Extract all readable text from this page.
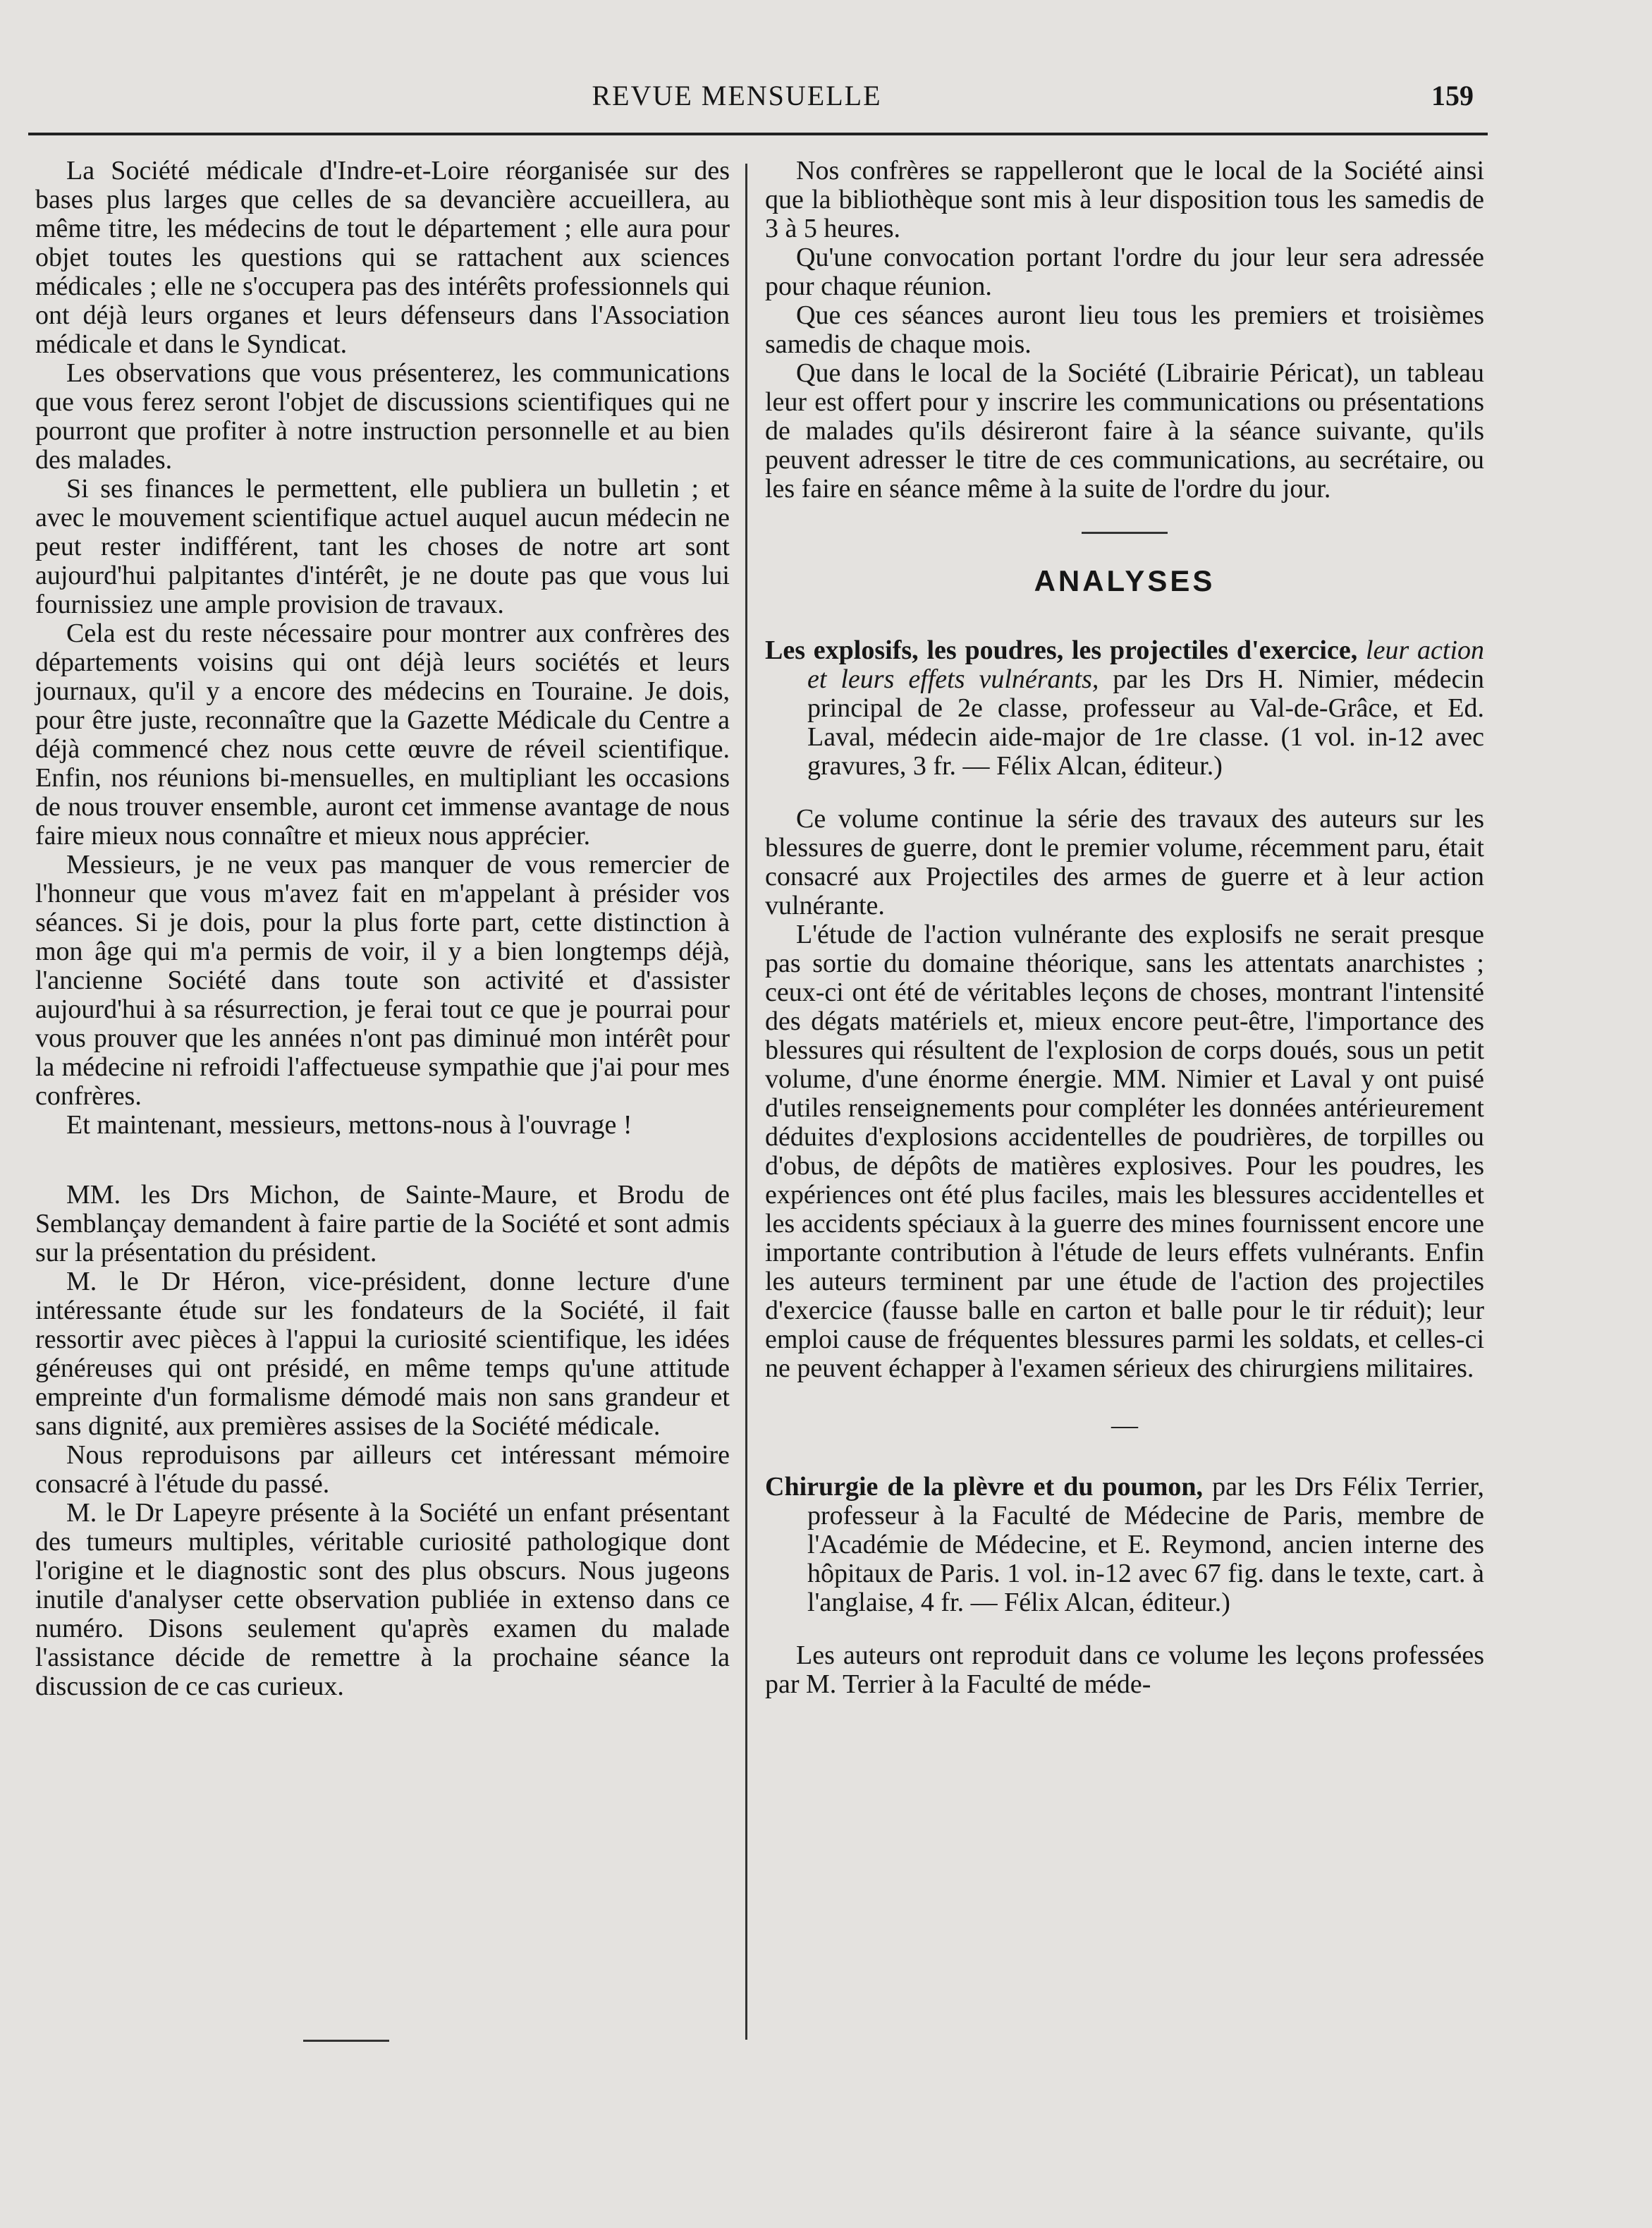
REVUE MENSUELLE	159

La Société médicale d'Indre-et-Loire réorganisée sur des bases plus larges que celles de sa devancière accueillera, au même titre, les médecins de tout le département ; elle aura pour objet toutes les questions qui se rattachent aux sciences médicales ; elle ne s'occupera pas des intérêts professionnels qui ont déjà leurs organes et leurs défenseurs dans l'Association médicale et dans le Syndicat.

Les observations que vous présenterez, les communications que vous ferez seront l'objet de discussions scientifiques qui ne pourront que profiter à notre instruction personnelle et au bien des malades.

Si ses finances le permettent, elle publiera un bulletin ; et avec le mouvement scientifique actuel auquel aucun médecin ne peut rester indifférent, tant les choses de notre art sont aujourd'hui palpitantes d'intérêt, je ne doute pas que vous lui fournissiez une ample provision de travaux.

Cela est du reste nécessaire pour montrer aux confrères des départements voisins qui ont déjà leurs sociétés et leurs journaux, qu'il y a encore des médecins en Touraine. Je dois, pour être juste, reconnaître que la Gazette Médicale du Centre a déjà commencé chez nous cette œuvre de réveil scientifique. Enfin, nos réunions bi-mensuelles, en multipliant les occasions de nous trouver ensemble, auront cet immense avantage de nous faire mieux nous connaître et mieux nous apprécier.

Messieurs, je ne veux pas manquer de vous remercier de l'honneur que vous m'avez fait en m'appelant à présider vos séances. Si je dois, pour la plus forte part, cette distinction à mon âge qui m'a permis de voir, il y a bien longtemps déjà, l'ancienne Société dans toute son activité et d'assister aujourd'hui à sa résurrection, je ferai tout ce que je pourrai pour vous prouver que les années n'ont pas diminué mon intérêt pour la médecine ni refroidi l'affectueuse sympathie que j'ai pour mes confrères.

Et maintenant, messieurs, mettons-nous à l'ouvrage !

MM. les Drs Michon, de Sainte-Maure, et Brodu de Semblançay demandent à faire partie de la Société et sont admis sur la présentation du président.

M. le Dr Héron, vice-président, donne lecture d'une intéressante étude sur les fondateurs de la Société, il fait ressortir avec pièces à l'appui la curiosité scientifique, les idées généreuses qui ont présidé, en même temps qu'une attitude empreinte d'un formalisme démodé mais non sans grandeur et sans dignité, aux premières assises de la Société médicale.

Nous reproduisons par ailleurs cet intéressant mémoire consacré à l'étude du passé.

M. le Dr Lapeyre présente à la Société un enfant présentant des tumeurs multiples, véritable curiosité pathologique dont l'origine et le diagnostic sont des plus obscurs. Nous jugeons inutile d'analyser cette observation publiée in extenso dans ce numéro. Disons seulement qu'après examen du malade l'assistance décide de remettre à la prochaine séance la discussion de ce cas curieux.

Nos confrères se rappelleront que le local de la Société ainsi que la bibliothèque sont mis à leur disposition tous les samedis de 3 à 5 heures.

Qu'une convocation portant l'ordre du jour leur sera adressée pour chaque réunion.

Que ces séances auront lieu tous les premiers et troisièmes samedis de chaque mois.

Que dans le local de la Société (Librairie Péricat), un tableau leur est offert pour y inscrire les communications ou présentations de malades qu'ils désireront faire à la séance suivante, qu'ils peuvent adresser le titre de ces communications, au secrétaire, ou les faire en séance même à la suite de l'ordre du jour.

ANALYSES

Les explosifs, les poudres, les projectiles d'exercice, leur action et leurs effets vulnérants, par les Drs H. Nimier, médecin principal de 2e classe, professeur au Val-de-Grâce, et Ed. Laval, médecin aide-major de 1re classe. (1 vol. in-12 avec gravures, 3 fr. — Félix Alcan, éditeur.)

Ce volume continue la série des travaux des auteurs sur les blessures de guerre, dont le premier volume, récemment paru, était consacré aux Projectiles des armes de guerre et à leur action vulnérante.

L'étude de l'action vulnérante des explosifs ne serait presque pas sortie du domaine théorique, sans les attentats anarchistes ; ceux-ci ont été de véritables leçons de choses, montrant l'intensité des dégats matériels et, mieux encore peut-être, l'importance des blessures qui résultent de l'explosion de corps doués, sous un petit volume, d'une énorme énergie. MM. Nimier et Laval y ont puisé d'utiles renseignements pour compléter les données antérieurement déduites d'explosions accidentelles de poudrières, de torpilles ou d'obus, de dépôts de matières explosives. Pour les poudres, les expériences ont été plus faciles, mais les blessures accidentelles et les accidents spéciaux à la guerre des mines fournissent encore une importante contribution à l'étude de leurs effets vulnérants. Enfin les auteurs terminent par une étude de l'action des projectiles d'exercice (fausse balle en carton et balle pour le tir réduit); leur emploi cause de fréquentes blessures parmi les soldats, et celles-ci ne peuvent échapper à l'examen sérieux des chirurgiens militaires.

—

Chirurgie de la plèvre et du poumon, par les Drs Félix Terrier, professeur à la Faculté de Médecine de Paris, membre de l'Académie de Médecine, et E. Reymond, ancien interne des hôpitaux de Paris. 1 vol. in-12 avec 67 fig. dans le texte, cart. à l'anglaise, 4 fr. — Félix Alcan, éditeur.)

Les auteurs ont reproduit dans ce volume les leçons professées par M. Terrier à la Faculté de méde-
